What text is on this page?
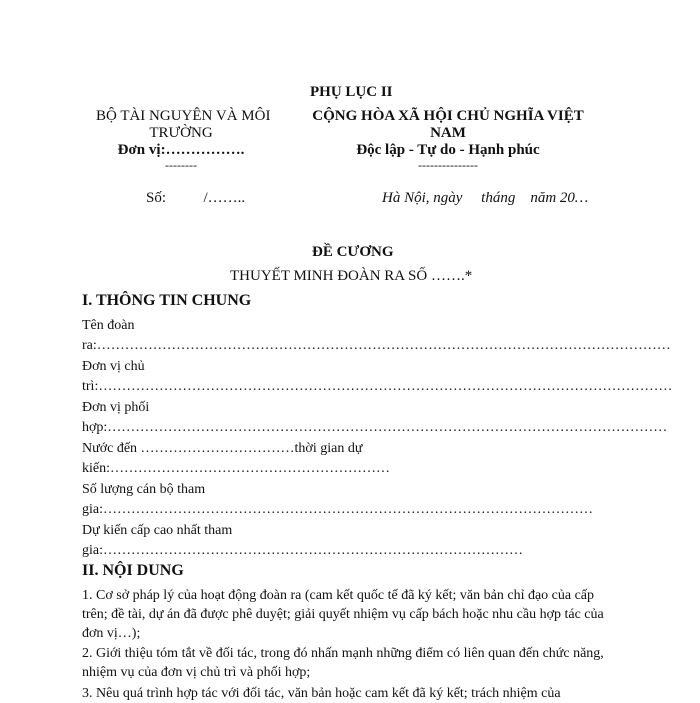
PHỤ LỤC II
BỘ TÀI NGUYÊN VÀ MÔI
TRƯỜNG
Đơn vị:…………….
--------
CỘNG HÒA XÃ HỘI CHỦ NGHĨA VIỆT
NAM
Độc lập - Tự do - Hạnh phúc
---------------
Số:	/……..	Hà Nội, ngày     tháng    năm 20…
ĐỀ CƯƠNG
THUYẾT MINH ĐOÀN RA SỐ …….*
I. THÔNG TIN CHUNG
Tên đoàn
ra:……………………………………………………………………………………………………………
Đơn vị chủ
trì:……………………………………………………………………………………………………………
Đơn vị phối
hợp:…………………………………………………………………………………………………………
Nước đến ……………………………thời gian dự
kiến:……………………………………………………
Số lượng cán bộ tham
gia:……………………………………………………………………………………………
Dự kiến cấp cao nhất tham
gia:………………………………………………………………………………
II. NỘI DUNG
1. Cơ sở pháp lý của hoạt động đoàn ra (cam kết quốc tế đã ký kết; văn bản chỉ đạo của cấp trên; đề tài, dự án đã được phê duyệt; giải quyết nhiệm vụ cấp bách hoặc nhu cầu hợp tác của đơn vị…);
2. Giới thiệu tóm tắt về đối tác, trong đó nhấn mạnh những điểm có liên quan đến chức năng, nhiệm vụ của đơn vị chủ trì và phối hợp;
3. Nêu quá trình hợp tác với đối tác, văn bản hoặc cam kết đã ký kết; trách nhiệm của
